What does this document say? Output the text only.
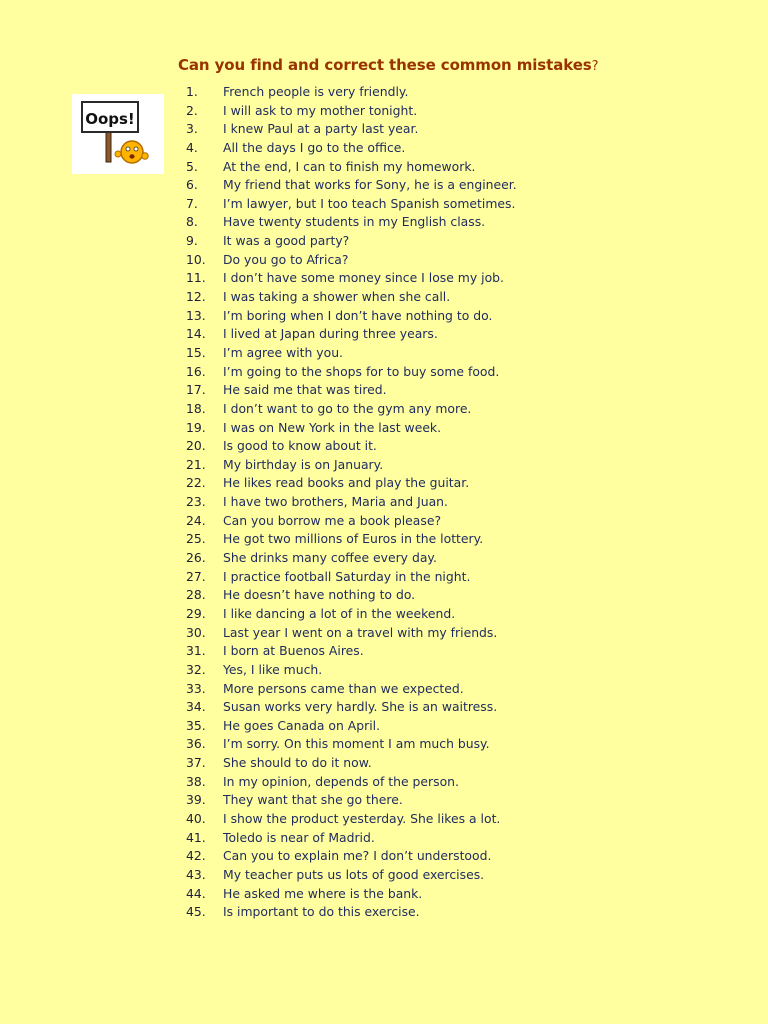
Can you find and correct these common mistakes?
Oops!
1. French people is very friendly.
2. I will ask to my mother tonight.
3. I knew Paul at a party last year.
4. All the days I go to the office.
5. At the end, I can to finish my homework.
6. My friend that works for Sony, he is a engineer.
7. I’m lawyer, but I too teach Spanish sometimes.
8. Have twenty students in my English class.
9. It was a good party?
10. Do you go to Africa?
11. I don’t have some money since I lose my job.
12. I was taking a shower when she call.
13. I’m boring when I don’t have nothing to do.
14. I lived at Japan during three years.
15. I’m agree with you.
16. I’m going to the shops for to buy some food.
17. He said me that was tired.
18. I don’t want to go to the gym any more.
19. I was on New York in the last week.
20. Is good to know about it.
21. My birthday is on January.
22. He likes read books and play the guitar.
23. I have two brothers, Maria and Juan.
24. Can you borrow me a book please?
25. He got two millions of Euros in the lottery.
26. She drinks many coffee every day.
27. I practice football Saturday in the night.
28. He doesn’t have nothing to do.
29. I like dancing a lot of in the weekend.
30. Last year I went on a travel with my friends.
31. I born at Buenos Aires.
32. Yes, I like much.
33. More persons came than we expected.
34. Susan works very hardly. She is an waitress.
35. He goes Canada on April.
36. I’m sorry. On this moment I am much busy.
37. She should to do it now.
38. In my opinion, depends of the person.
39. They want that she go there.
40. I show the product yesterday. She likes a lot.
41. Toledo is near of Madrid.
42. Can you to explain me? I don’t understood.
43. My teacher puts us lots of good exercises.
44. He asked me where is the bank.
45. Is important to do this exercise.
